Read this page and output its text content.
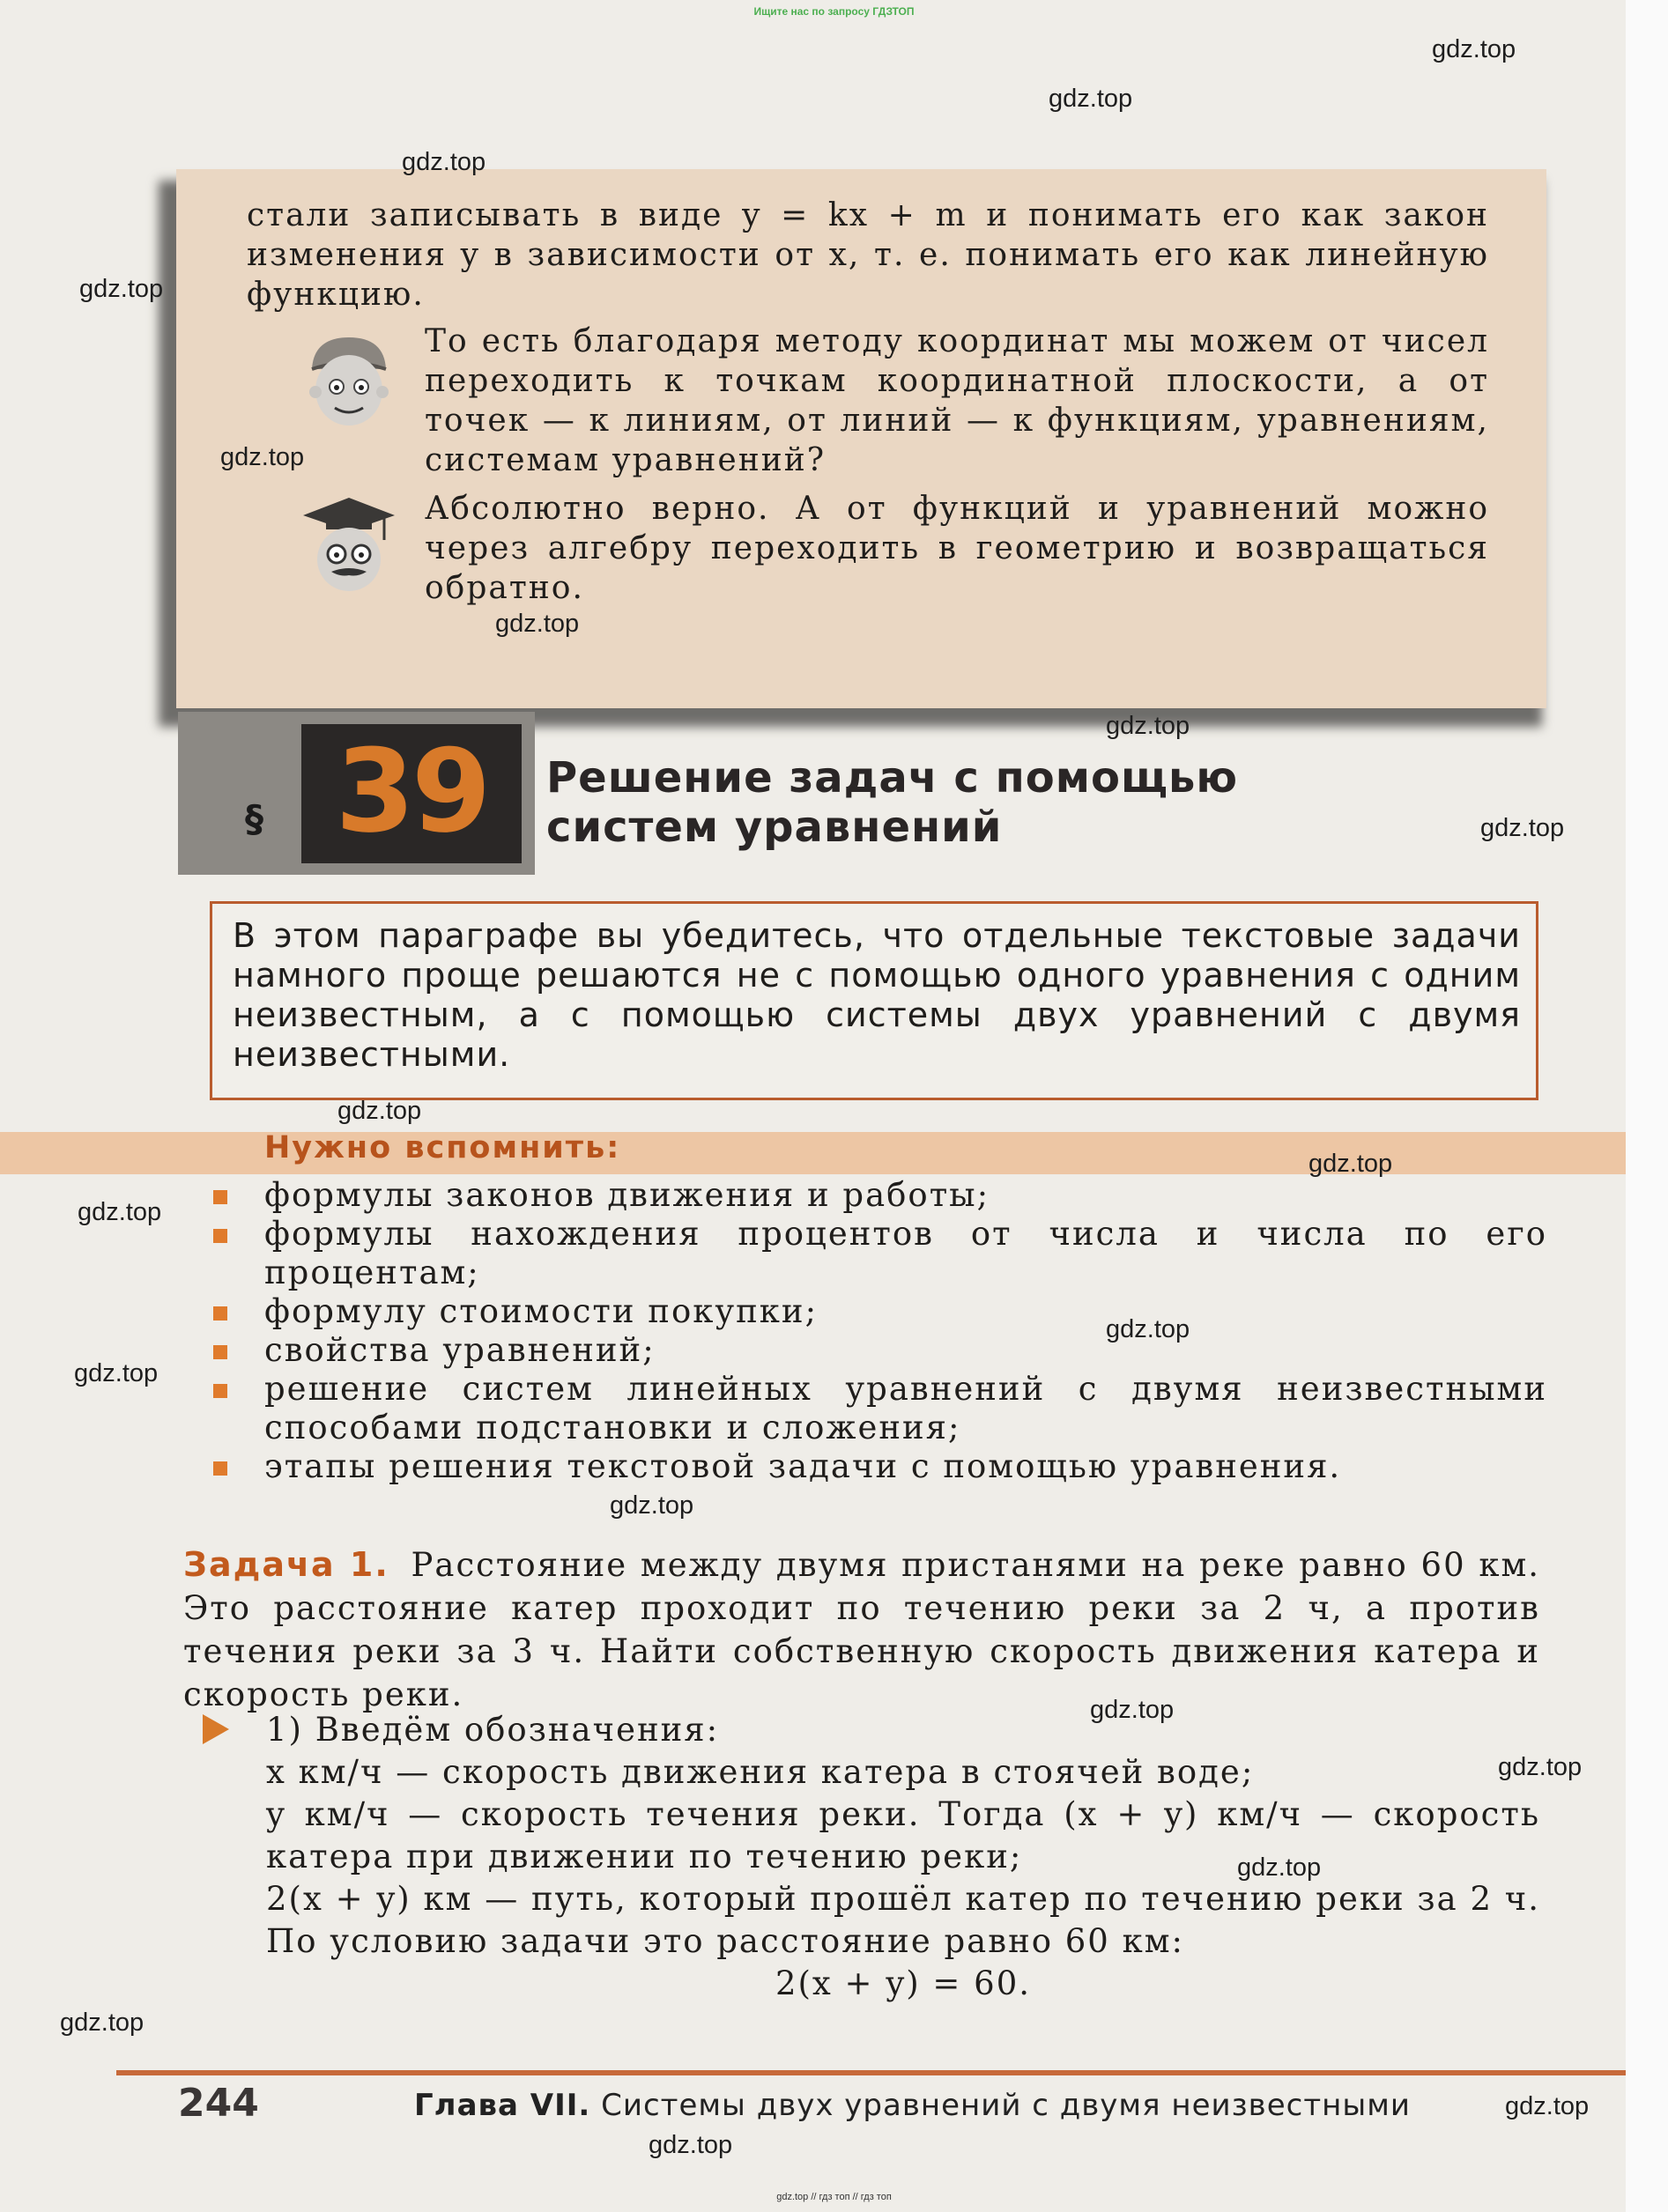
Ищите нас по запросу ГДЗТОП
стали записывать в виде y = kx + m и понимать его как закон изменения y в зависимости от x, т. е. понимать его как линейную функцию.
То есть благодаря методу координат мы можем от чисел переходить к точкам координатной плоскости, а от точек — к линиям, от линий — к функциям, уравнениям, системам уравнений?
Абсолютно верно. А от функций и уравнений можно через алгебру переходить в геометрию и возвращаться обратно.
§ 39	Решение задач с помощью
систем уравнений
В этом параграфе вы убедитесь, что отдельные текстовые задачи намного проще решаются не с помощью одного уравнения с одним неизвестным, а с помощью системы двух уравнений с двумя неизвестными.
Нужно вспомнить:
формулы законов движения и работы;
формулы нахождения процентов от числа и числа по его процентам;
формулу стоимости покупки;
свойства уравнений;
решение систем линейных уравнений с двумя неизвестными способами подстановки и сложения;
этапы решения текстовой задачи с помощью уравнения.
Задача 1. Расстояние между двумя пристанями на реке равно 60 км. Это расстояние катер проходит по течению реки за 2 ч, а против течения реки за 3 ч. Найти собственную скорость движения катера и скорость реки.
1) Введём обозначения:
x км/ч — скорость движения катера в стоячей воде;
y км/ч — скорость течения реки. Тогда (x + y) км/ч — скорость катера при движении по течению реки;
2(x + y) км — путь, который прошёл катер по течению реки за 2 ч. По условию задачи это расстояние равно 60 км:
2(x + y) = 60.
244	Глава VII. Системы двух уравнений с двумя неизвестными
gdz.top // гдз топ // гдз топ
gdz.top
gdz.top
gdz.top
gdz.top
gdz.top
gdz.top
gdz.top
gdz.top
gdz.top
gdz.top
gdz.top
gdz.top
gdz.top
gdz.top
gdz.top
gdz.top
gdz.top
gdz.top
gdz.top
gdz.top
